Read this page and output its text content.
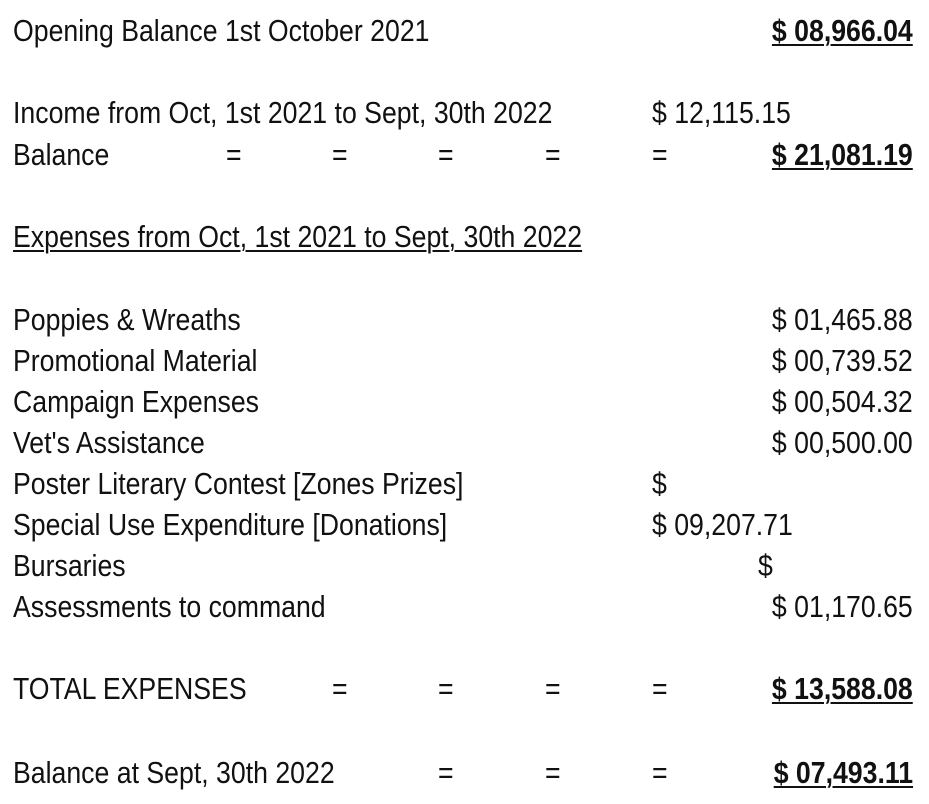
Opening Balance 1st October 2021	$ 08,966.04
Income from Oct, 1st 2021 to Sept, 30th 2022	$ 12,115.15
Balance	=	=	=	=	=	$ 21,081.19
Expenses from Oct, 1st 2021 to Sept, 30th 2022
Poppies & Wreaths	$ 01,465.88
Promotional Material	$ 00,739.52
Campaign Expenses	$ 00,504.32
Vet's Assistance	$ 00,500.00
Poster Literary Contest [Zones Prizes]	$
Special Use Expenditure [Donations]	$ 09,207.71
Bursaries	$
Assessments to command	$ 01,170.65
TOTAL EXPENSES	=	=	=	=	$ 13,588.08
Balance at Sept, 30th 2022	=	=	=	$ 07,493.11
